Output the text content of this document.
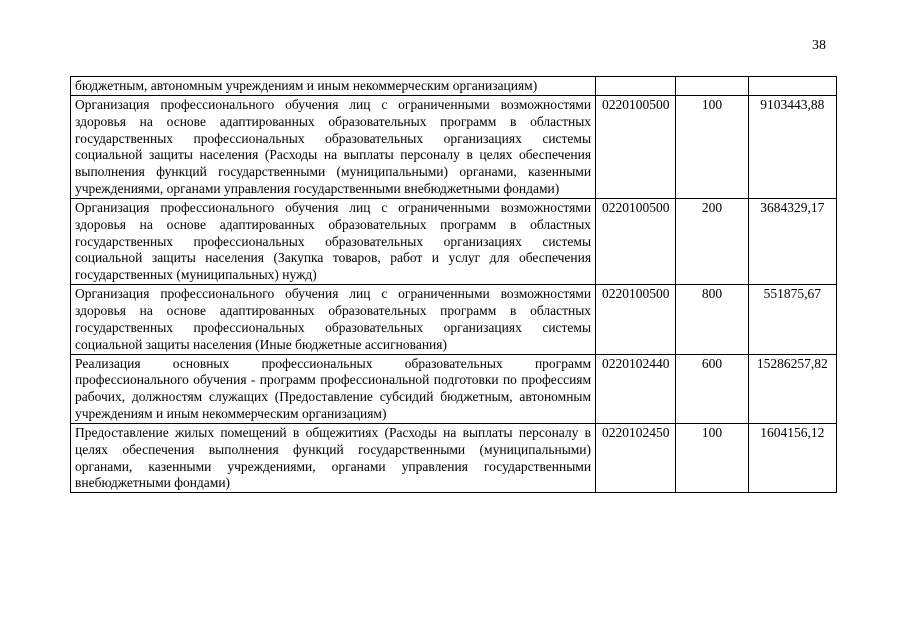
38
бюджетным, автономным учреждениям и иным некоммерческим организациям)			
Организация профессионального обучения лиц с ограниченными возможностями здоровья на основе адаптированных образовательных программ в областных государственных профессиональных образовательных организациях системы социальной защиты населения (Расходы на выплаты персоналу в целях обеспечения выполнения функций государственными (муниципальными) органами, казенными учреждениями, органами управления государственными внебюджетными фондами)	0220100500	100	9103443,88
Организация профессионального обучения лиц с ограниченными возможностями здоровья на основе адаптированных образовательных программ в областных государственных профессиональных образовательных организациях системы социальной защиты населения (Закупка товаров, работ и услуг для обеспечения государственных (муниципальных) нужд)	0220100500	200	3684329,17
Организация профессионального обучения лиц с ограниченными возможностями здоровья на основе адаптированных образовательных программ в областных государственных профессиональных образовательных организациях системы социальной защиты населения (Иные бюджетные ассигнования)	0220100500	800	551875,67
Реализация основных профессиональных образовательных программ профессионального обучения - программ профессиональной подготовки по профессиям рабочих, должностям служащих (Предоставление субсидий бюджетным, автономным учреждениям и иным некоммерческим организациям)	0220102440	600	15286257,82
Предоставление жилых помещений в общежитиях (Расходы на выплаты персоналу в целях обеспечения выполнения функций государственными (муниципальными) органами, казенными учреждениями, органами управления государственными внебюджетными фондами)	0220102450	100	1604156,12
